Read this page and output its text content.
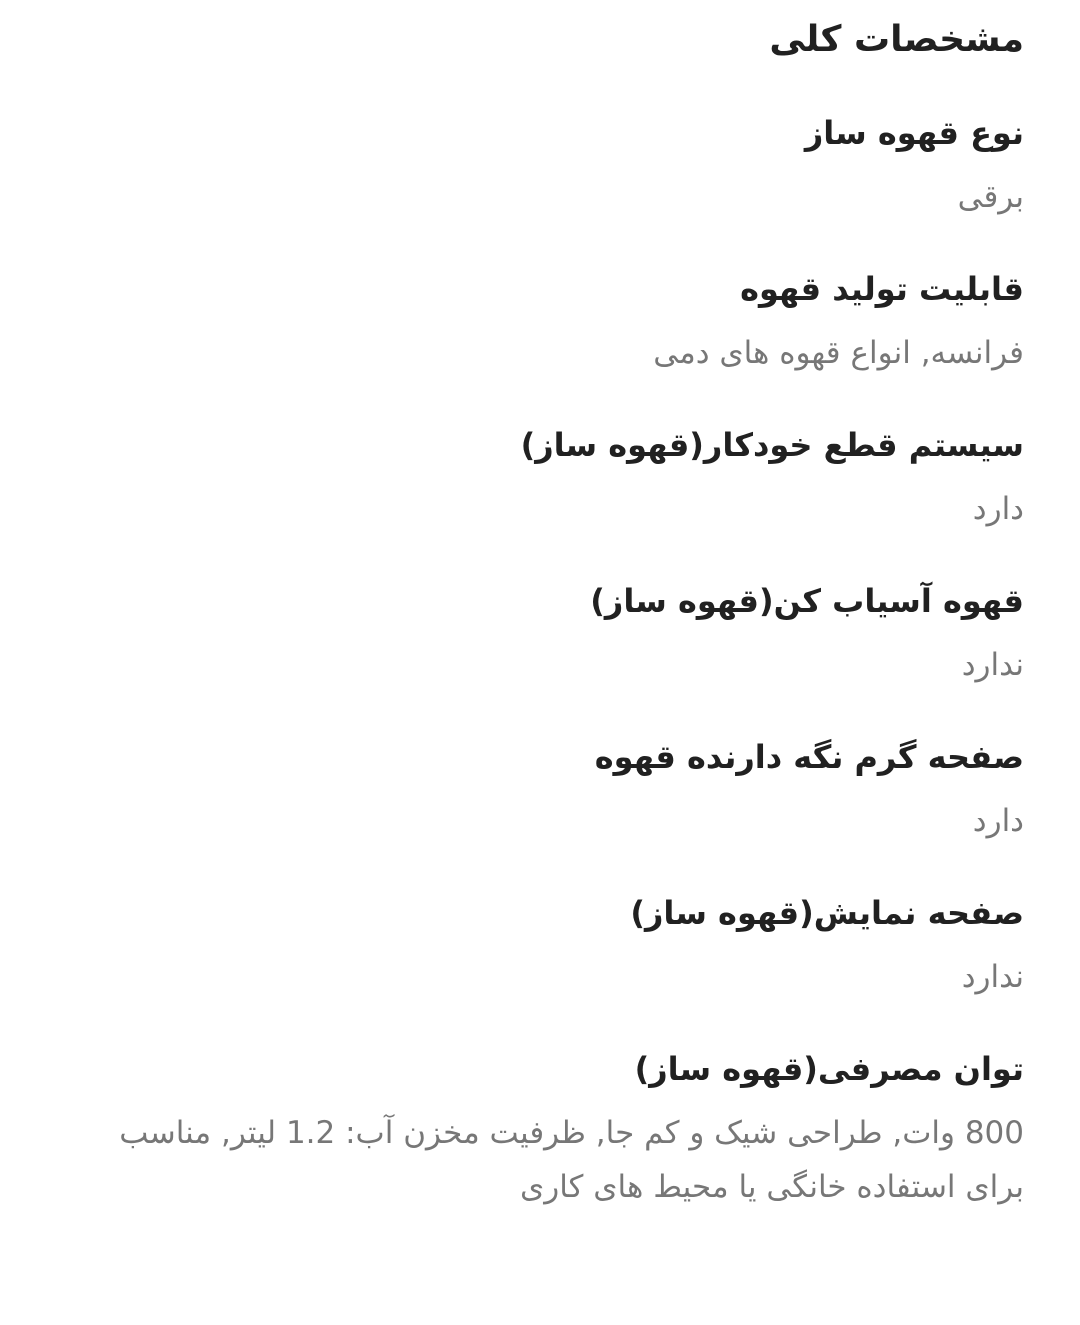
مشخصات کلی

نوع قهوه ساز

برقی

قابلیت تولید قهوه

فرانسه, انواع قهوه های دمی

سیستم قطع خودکار(قهوه ساز)

دارد

قهوه آسیاب کن(قهوه ساز)

ندارد

صفحه گرم نگه دارنده قهوه

دارد

صفحه نمایش(قهوه ساز)

ندارد

توان مصرفی(قهوه ساز)

800 وات, طراحی شیک و کم جا, ظرفیت مخزن آب: 1.2 لیتر, مناسب برای استفاده خانگی یا محیط های کاری
